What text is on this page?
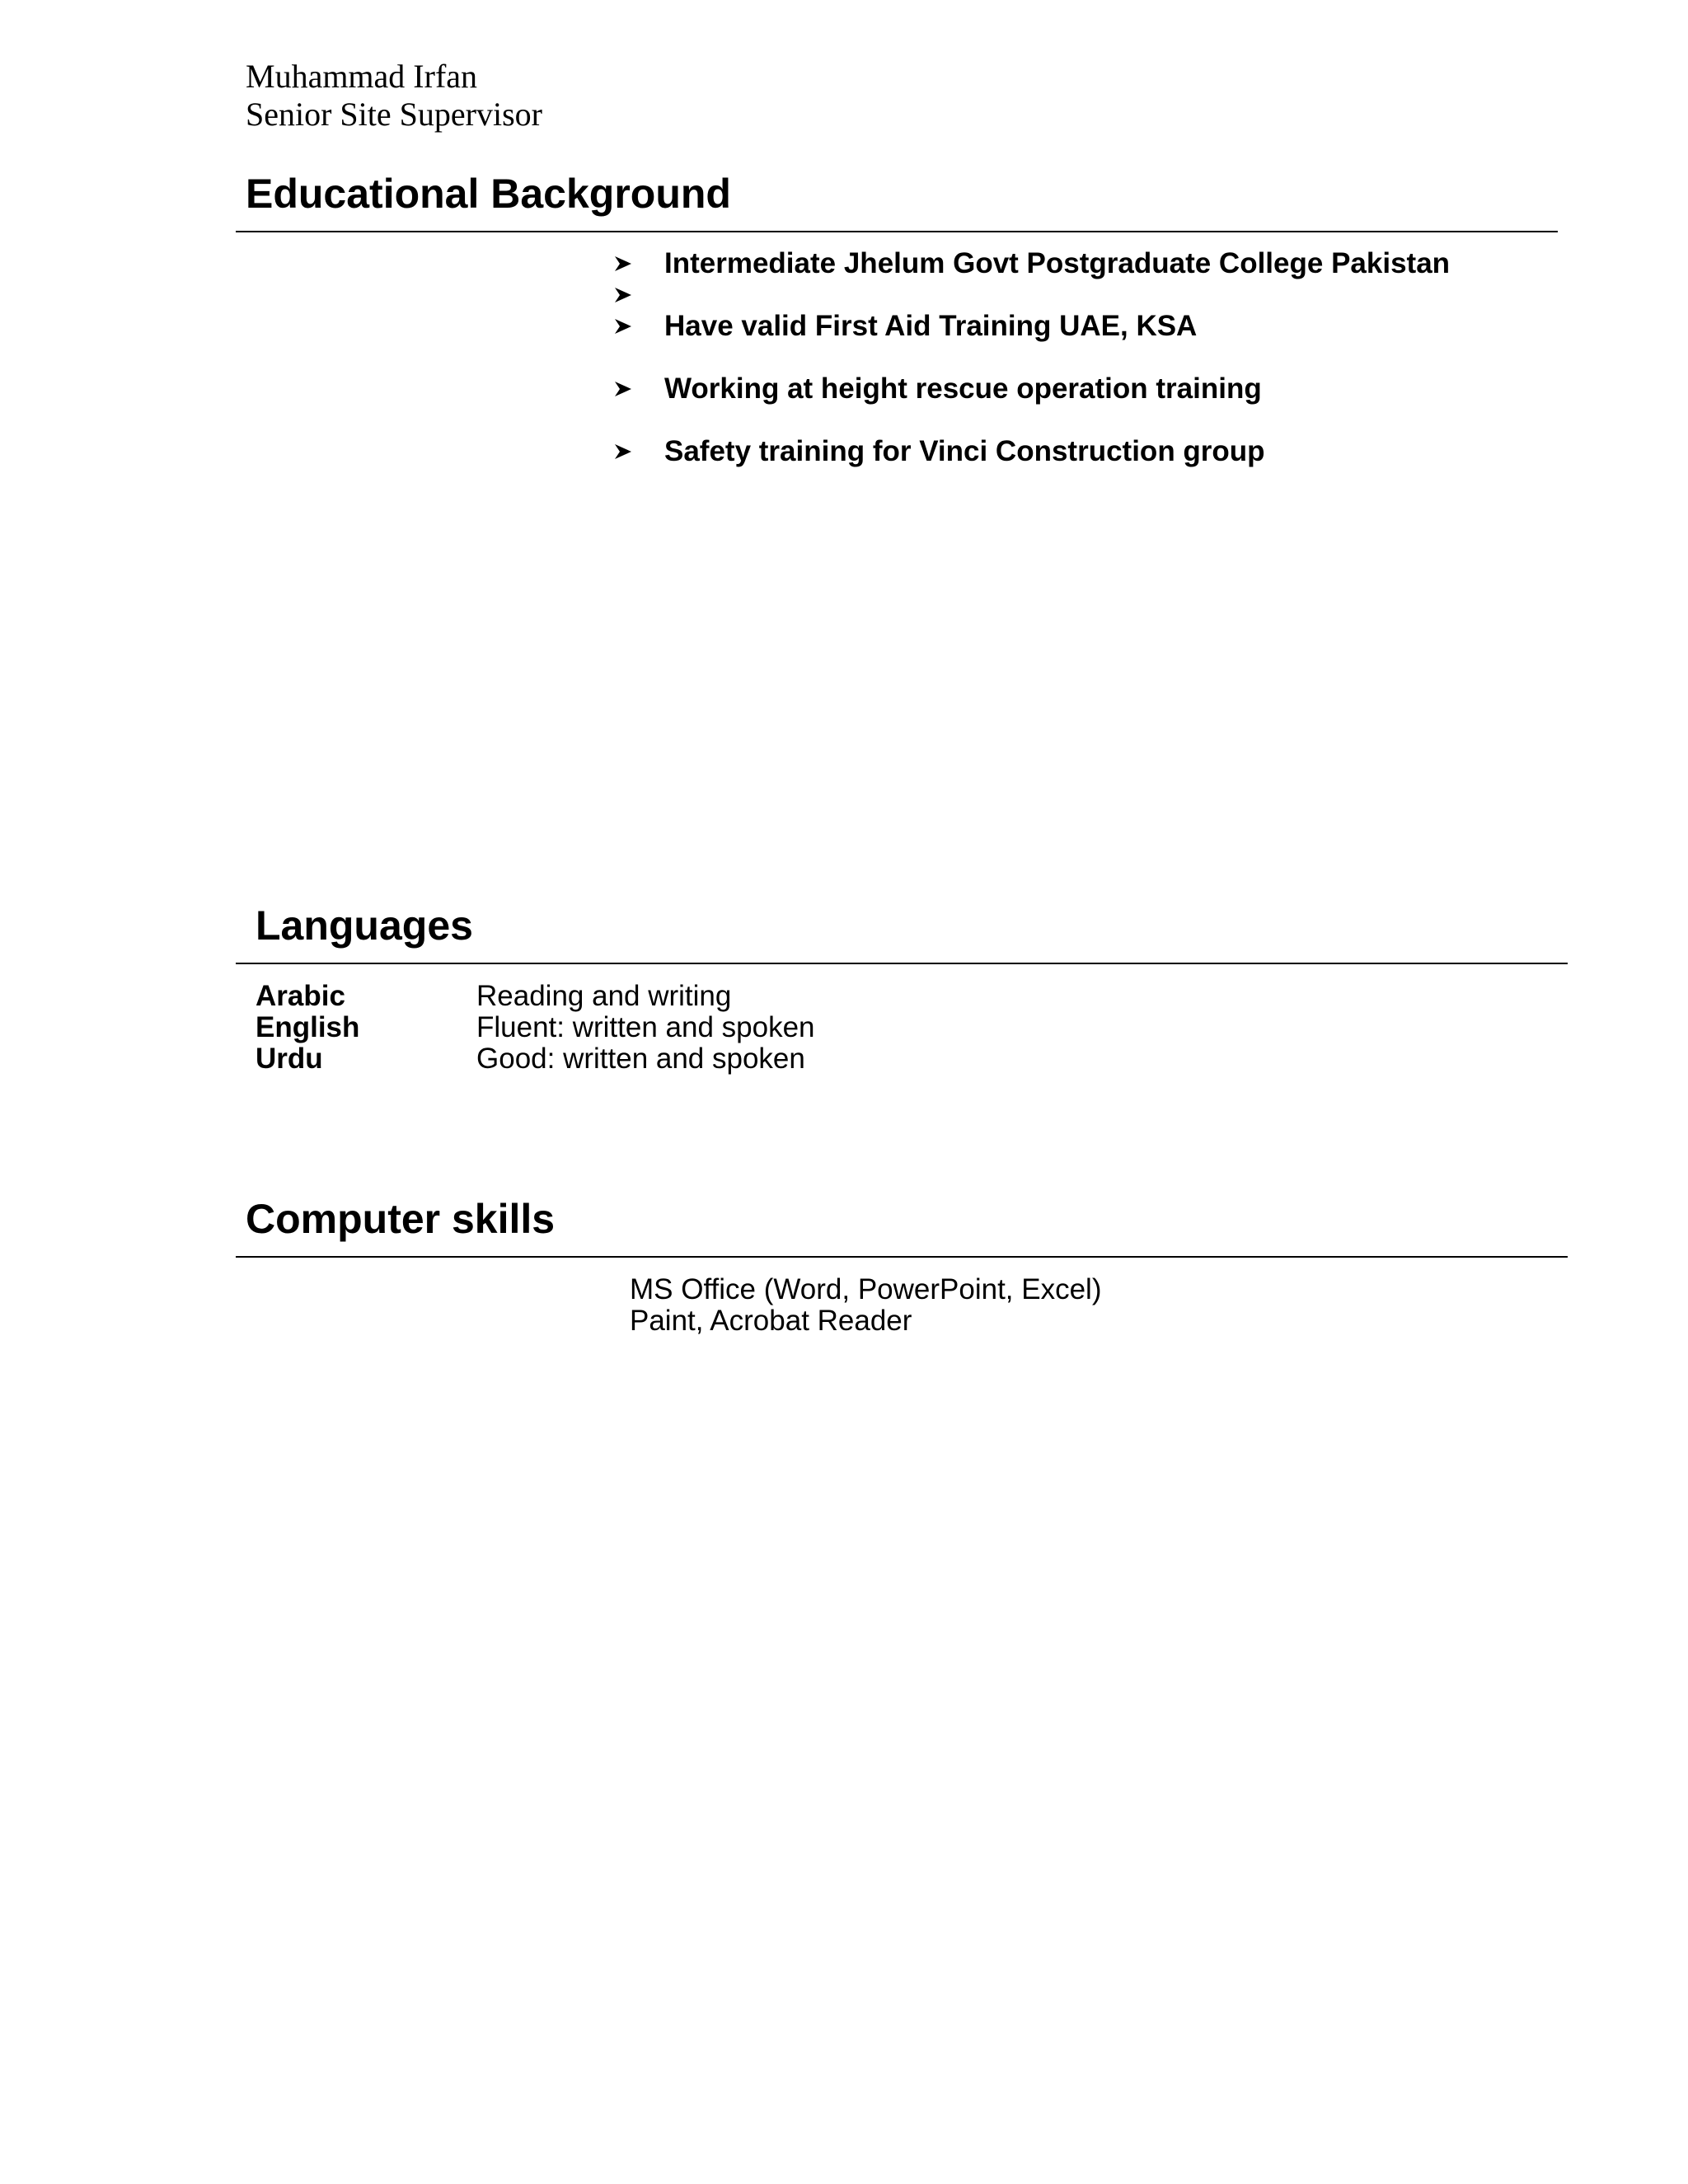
Muhammad Irfan
Senior Site Supervisor
Educational Background
Intermediate Jhelum Govt Postgraduate College Pakistan
Have valid First Aid Training UAE, KSA
Working at height rescue operation training
Safety training for Vinci Construction group
Languages
Arabic	Reading and writing
English	Fluent: written and spoken
Urdu	Good: written and spoken
Computer skills
MS Office (Word, PowerPoint, Excel)
Paint, Acrobat Reader
